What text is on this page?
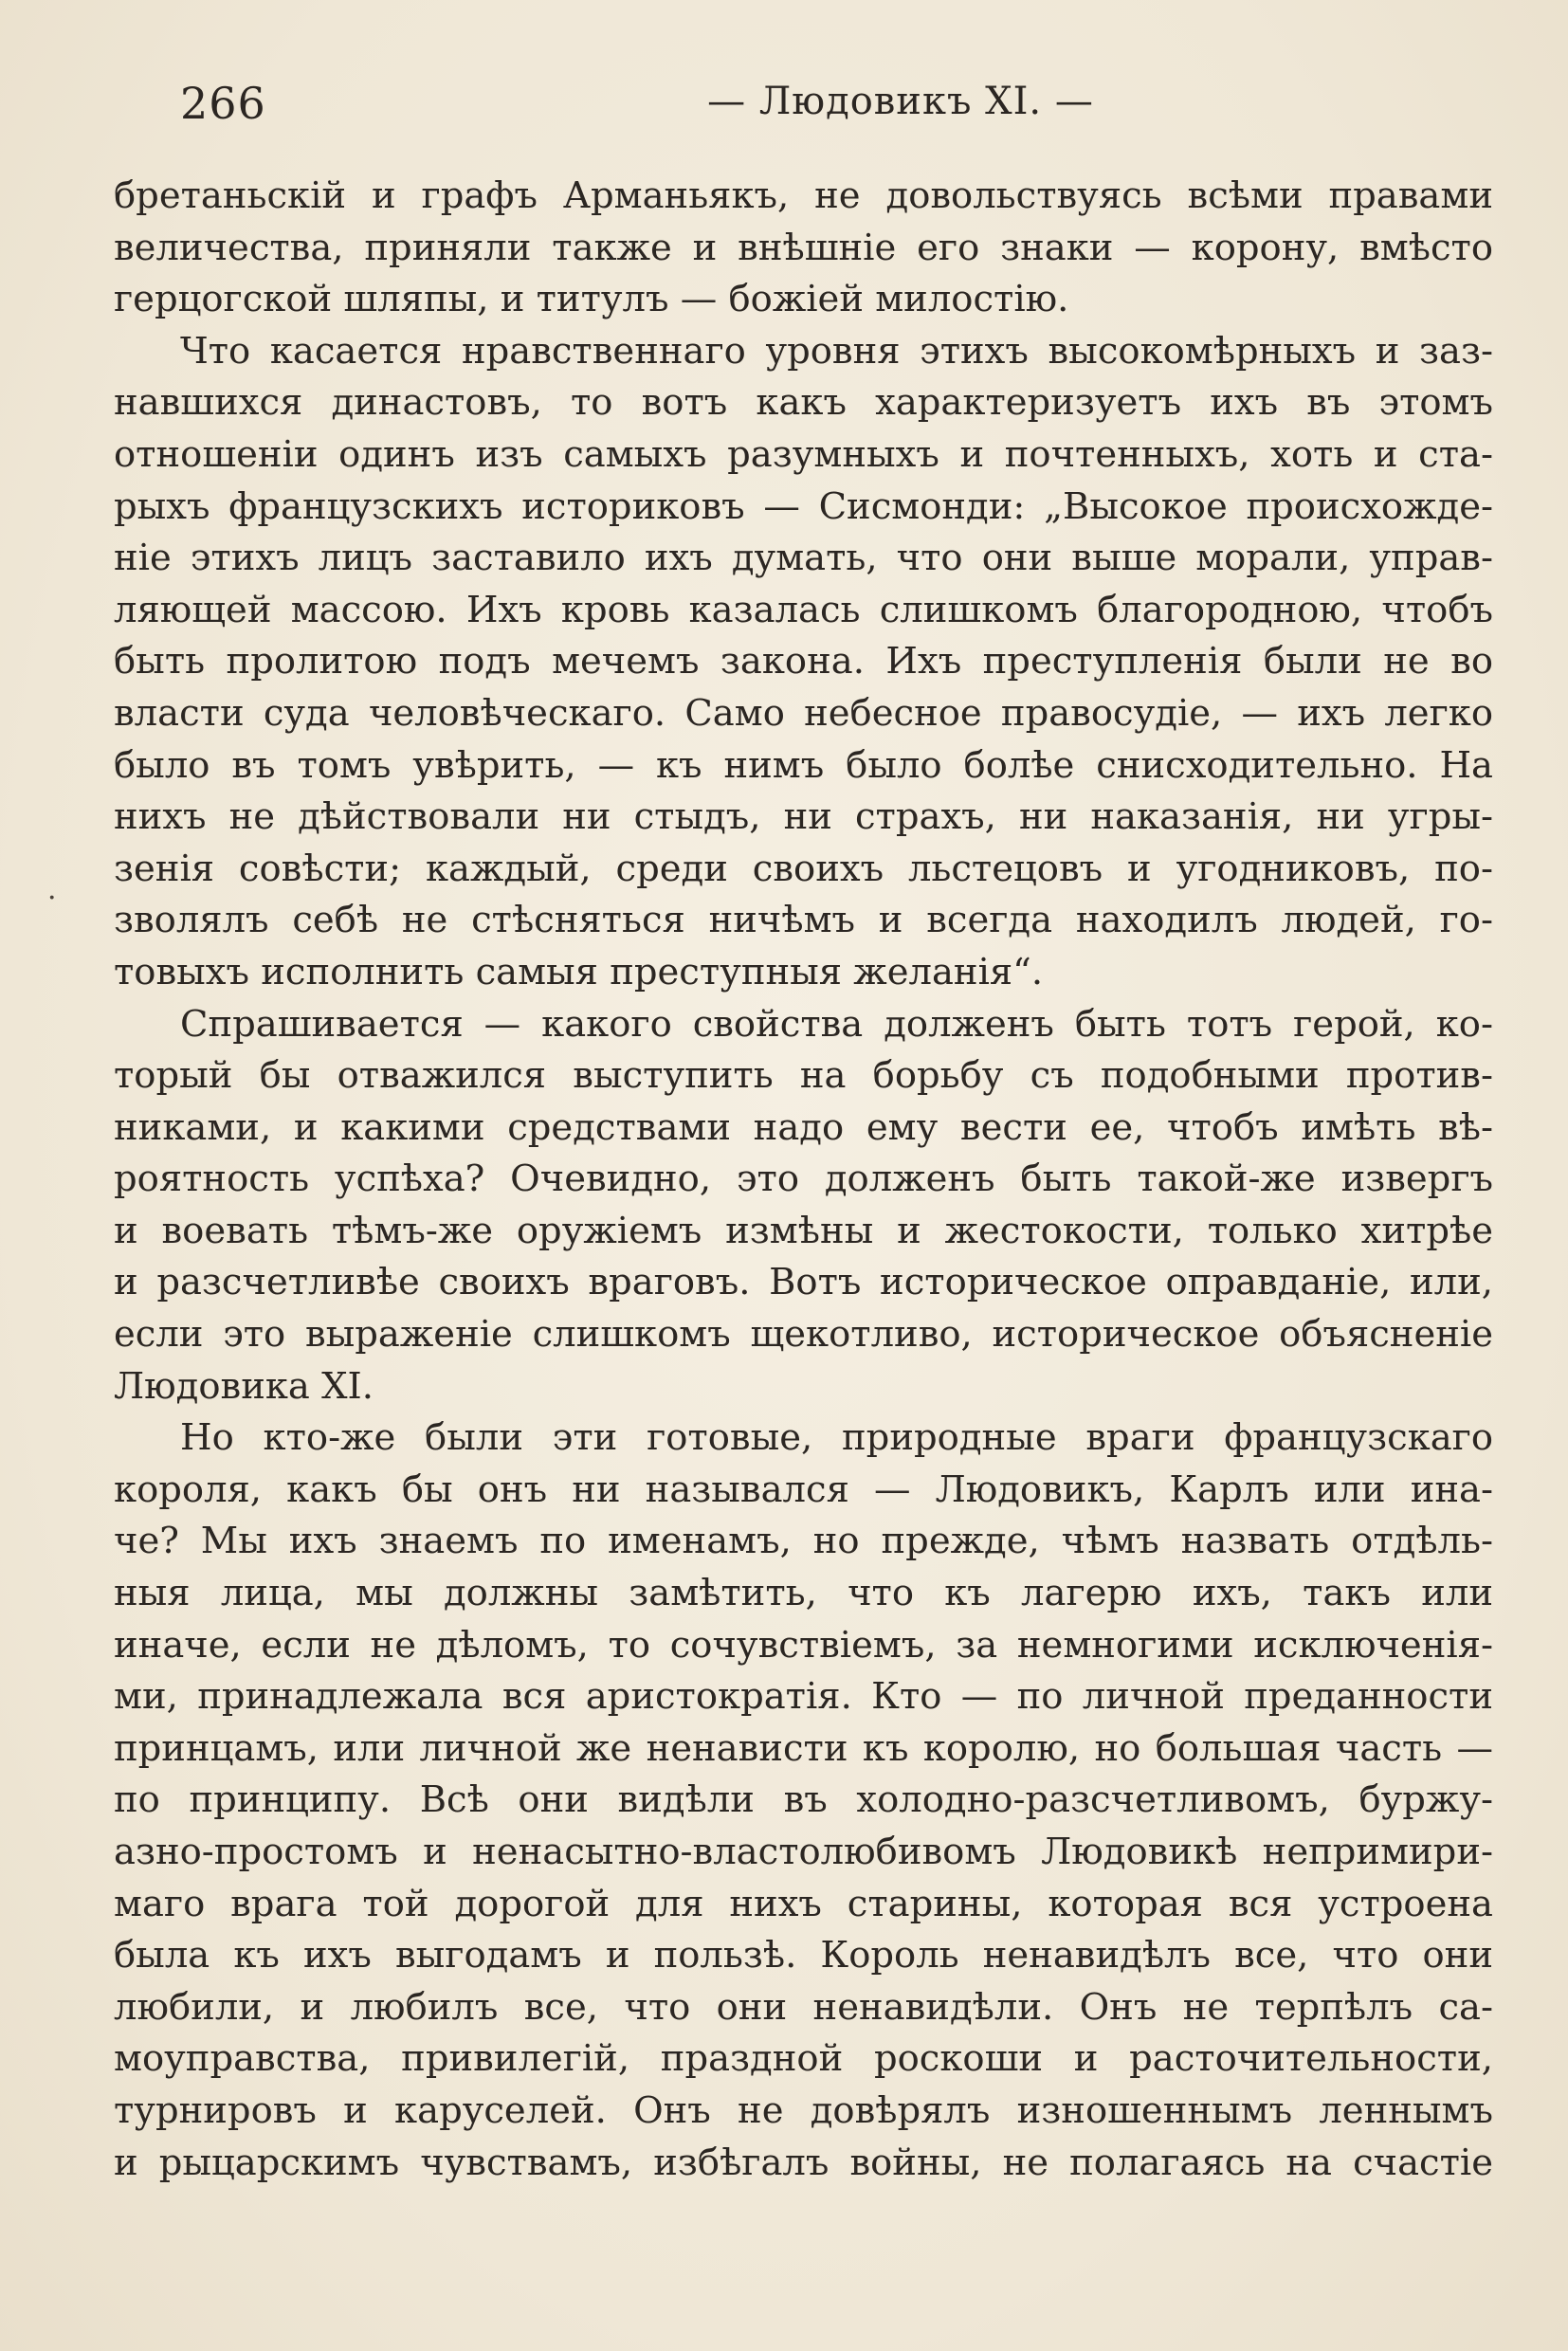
266	— Людовикъ XI. —
·
бретаньскій и графъ Арманьякъ, не довольствуясь всѣми правами
величества, приняли также и внѣшніе его знаки — корону, вмѣсто
герцогской шляпы, и титулъ — божіей милостію.
Что касается нравственнаго уровня этихъ высокомѣрныхъ и заз-
навшихся династовъ, то вотъ какъ характеризуетъ ихъ въ этомъ
отношеніи одинъ изъ самыхъ разумныхъ и почтенныхъ, хоть и ста-
рыхъ французскихъ историковъ — Сисмонди: „Высокое происхожде-
ніе этихъ лицъ заставило ихъ думать, что они выше морали, управ-
ляющей массою. Ихъ кровь казалась слишкомъ благородною, чтобъ
быть пролитою подъ мечемъ закона. Ихъ преступленія были не во
власти суда человѣческаго. Само небесное правосудіе, — ихъ легко
было въ томъ увѣрить, — къ нимъ было болѣе снисходительно. На
нихъ не дѣйствовали ни стыдъ, ни страхъ, ни наказанія, ни угры-
зенія совѣсти; каждый, среди своихъ льстецовъ и угодниковъ, по-
зволялъ себѣ не стѣсняться ничѣмъ и всегда находилъ людей, го-
товыхъ исполнить самыя преступныя желанія“.
Спрашивается — какого свойства долженъ быть тотъ герой, ко-
торый бы отважился выступить на борьбу съ подобными против-
никами, и какими средствами надо ему вести ее, чтобъ имѣть вѣ-
роятность успѣха? Очевидно, это долженъ быть такой-же извергъ
и воевать тѣмъ-же оружіемъ измѣны и жестокости, только хитрѣе
и разсчетливѣе своихъ враговъ. Вотъ историческое оправданіе, или,
если это выраженіе слишкомъ щекотливо, историческое объясненіе
Людовика XI.
Но кто-же были эти готовые, природные враги французскаго
короля, какъ бы онъ ни назывался — Людовикъ, Карлъ или ина-
че? Мы ихъ знаемъ по именамъ, но прежде, чѣмъ назвать отдѣль-
ныя лица, мы должны замѣтить, что къ лагерю ихъ, такъ или
иначе, если не дѣломъ, то сочувствіемъ, за немногими исключенія-
ми, принадлежала вся аристократія. Кто — по личной преданности
принцамъ, или личной же ненависти къ королю, но большая часть —
по принципу. Всѣ они видѣли въ холодно-разсчетливомъ, буржу-
азно-простомъ и ненасытно-властолюбивомъ Людовикѣ непримири-
маго врага той дорогой для нихъ старины, которая вся устроена
была къ ихъ выгодамъ и пользѣ. Король ненавидѣлъ все, что они
любили, и любилъ все, что они ненавидѣли. Онъ не терпѣлъ са-
моуправства, привилегій, праздной роскоши и расточительности,
турнировъ и каруселей. Онъ не довѣрялъ изношеннымъ леннымъ
и рыцарскимъ чувствамъ, избѣгалъ войны, не полагаясь на счастіе
